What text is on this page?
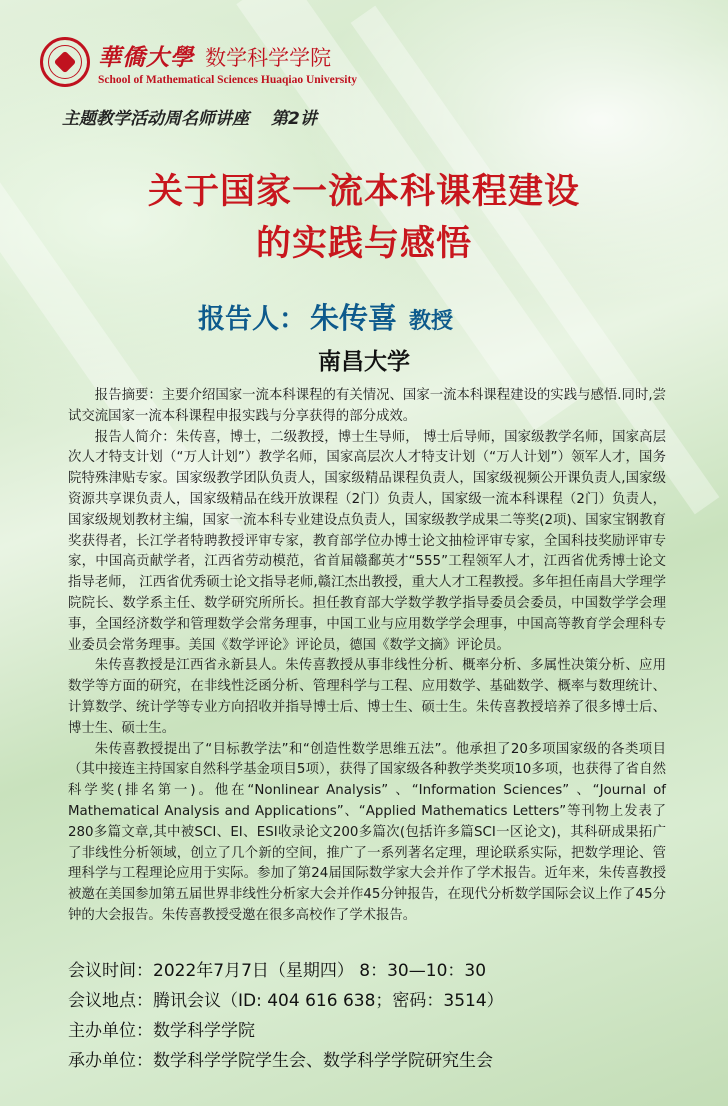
華僑大學 数学科学学院
School of Mathematical Sciences Huaqiao University
主题教学活动周名师讲座 第2讲
关于国家一流本科课程建设
的实践与感悟
报告人： 朱传喜 教授
南昌大学

报告摘要：主要介绍国家一流本科课程的有关情况、国家一流本科课程建设的实践与感悟.同时,尝试交流国家一流本科课程申报实践与分享获得的部分成效。

报告人简介：朱传喜，博士，二级教授，博士生导师， 博士后导师，国家级教学名师，国家高层次人才特支计划（“万人计划”）教学名师，国家高层次人才特支计划（“万人计划”）领军人才，国务院特殊津贴专家。国家级教学团队负责人，国家级精品课程负责人，国家级视频公开课负责人,国家级资源共享课负责人，国家级精品在线开放课程（2门）负责人，国家级一流本科课程（2门）负责人，国家级规划教材主编，国家一流本科专业建设点负责人，国家级教学成果二等奖(2项)、国家宝钢教育奖获得者，长江学者特聘教授评审专家，教育部学位办博士论文抽检评审专家，全国科技奖励评审专家，中国高贡献学者，江西省劳动模范，省首届赣鄱英才“555”工程领军人才，江西省优秀博士论文指导老师， 江西省优秀硕士论文指导老师,赣江杰出教授，重大人才工程教授。多年担任南昌大学理学院院长、数学系主任、数学研究所所长。担任教育部大学数学教学指导委员会委员，中国数学学会理事，全国经济数学和管理数学会常务理事，中国工业与应用数学学会理事，中国高等教育学会理科专业委员会常务理事。美国《数学评论》评论员，德国《数学文摘》评论员。

朱传喜教授是江西省永新县人。朱传喜教授从事非线性分析、概率分析、多属性决策分析、应用数学等方面的研究，在非线性泛函分析、管理科学与工程、应用数学、基础数学、概率与数理统计、计算数学、统计学等专业方向招收并指导博士后、博士生、硕士生。朱传喜教授培养了很多博士后、博士生、硕士生。

朱传喜教授提出了“目标教学法”和“创造性数学思维五法”。他承担了20多项国家级的各类项目（其中接连主持国家自然科学基金项目5项），获得了国家级各种教学类奖项10多项，也获得了省自然科学奖(排名第一)。他在“Nonlinear Analysis” 、“Information Sciences” 、“Journal of Mathematical Analysis and Applications”、“Applied Mathematics Letters”等刊物上发表了280多篇文章,其中被SCI、EI、ESI收录论文200多篇次(包括许多篇SCI一区论文)，其科研成果拓广了非线性分析领域，创立了几个新的空间，推广了一系列著名定理，理论联系实际，把数学理论、管理科学与工程理论应用于实际。参加了第24届国际数学家大会并作了学术报告。近年来，朱传喜教授被邀在美国参加第五届世界非线性分析家大会并作45分钟报告，在现代分析数学国际会议上作了45分钟的大会报告。朱传喜教授受邀在很多高校作了学术报告。

会议时间：2022年7月7日（星期四） 8：30—10：30
会议地点：腾讯会议（ID: 404 616 638；密码：3514）
主办单位：数学科学学院
承办单位：数学科学学院学生会、数学科学学院研究生会
